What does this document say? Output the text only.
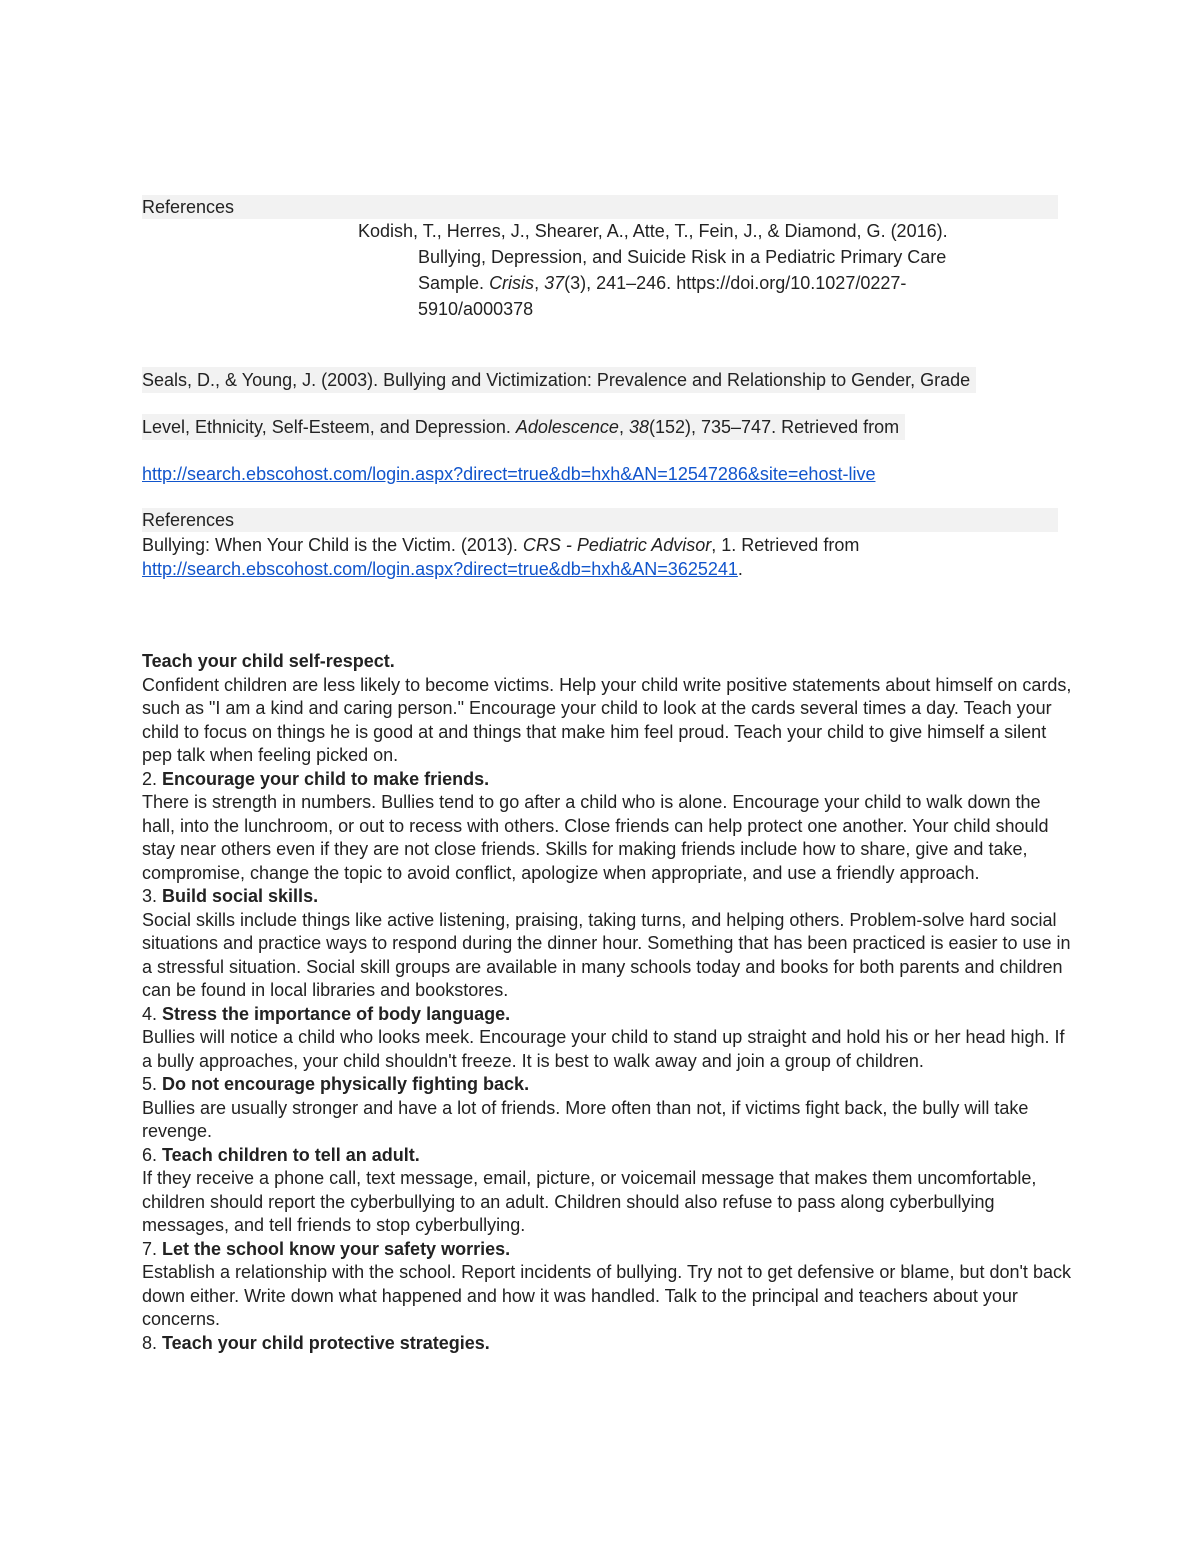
References
Kodish, T., Herres, J., Shearer, A., Atte, T., Fein, J., & Diamond, G. (2016).
Bullying, Depression, and Suicide Risk in a Pediatric Primary Care
Sample. Crisis, 37(3), 241–246. https://doi.org/10.1027/0227-
5910/a000378
Seals, D., & Young, J. (2003). Bullying and Victimization: Prevalence and Relationship to Gender, Grade
Level, Ethnicity, Self-Esteem, and Depression. Adolescence, 38(152), 735–747. Retrieved from
http://search.ebscohost.com/login.aspx?direct=true&db=hxh&AN=12547286&site=ehost-live
References
Bullying: When Your Child is the Victim. (2013). CRS - Pediatric Advisor, 1. Retrieved from
http://search.ebscohost.com/login.aspx?direct=true&db=hxh&AN=3625241.

Teach your child self-respect.

Confident children are less likely to become victims. Help your child write positive statements about himself on cards, such as "I am a kind and caring person." Encourage your child to look at the cards several times a day. Teach your child to focus on things he is good at and things that make him feel proud. Teach your child to give himself a silent pep talk when feeling picked on.

2. Encourage your child to make friends.

There is strength in numbers. Bullies tend to go after a child who is alone. Encourage your child to walk down the hall, into the lunchroom, or out to recess with others. Close friends can help protect one another. Your child should stay near others even if they are not close friends. Skills for making friends include how to share, give and take, compromise, change the topic to avoid conflict, apologize when appropriate, and use a friendly approach.

3. Build social skills.

Social skills include things like active listening, praising, taking turns, and helping others. Problem-solve hard social situations and practice ways to respond during the dinner hour. Something that has been practiced is easier to use in a stressful situation. Social skill groups are available in many schools today and books for both parents and children can be found in local libraries and bookstores.

4. Stress the importance of body language.

Bullies will notice a child who looks meek. Encourage your child to stand up straight and hold his or her head high. If a bully approaches, your child shouldn't freeze. It is best to walk away and join a group of children.

5. Do not encourage physically fighting back.

Bullies are usually stronger and have a lot of friends. More often than not, if victims fight back, the bully will take revenge.

6. Teach children to tell an adult.

If they receive a phone call, text message, email, picture, or voicemail message that makes them uncomfortable, children should report the cyberbullying to an adult. Children should also refuse to pass along cyberbullying messages, and tell friends to stop cyberbullying.

7. Let the school know your safety worries.

Establish a relationship with the school. Report incidents of bullying. Try not to get defensive or blame, but don't back down either. Write down what happened and how it was handled. Talk to the principal and teachers about your concerns.

8. Teach your child protective strategies.
